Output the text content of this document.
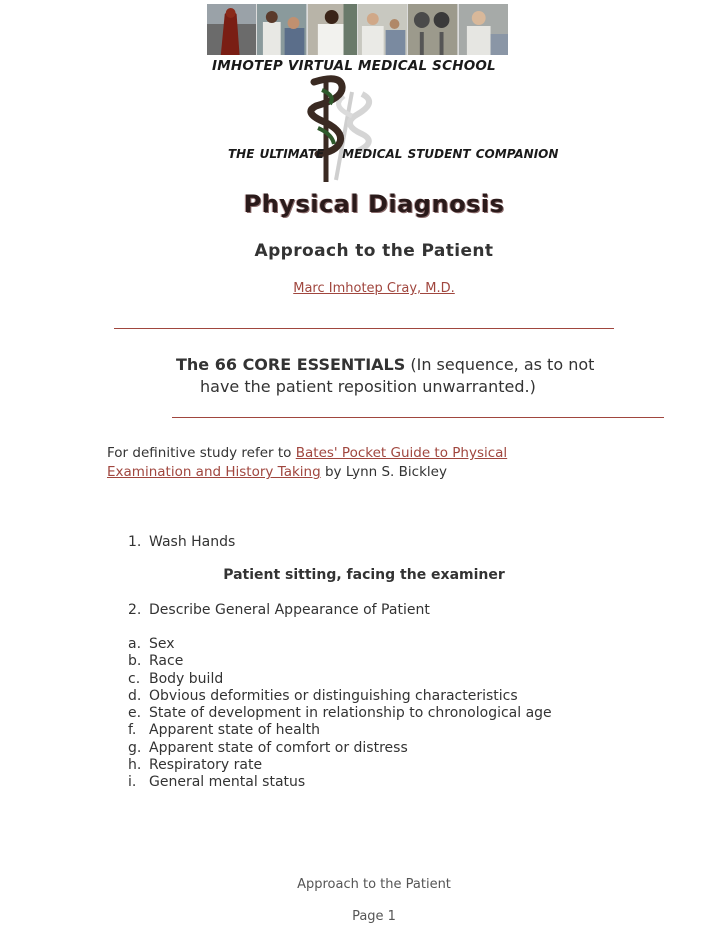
IMHOTEP VIRTUAL MEDICAL SCHOOL
THE ULTIMATE MEDICAL STUDENT COMPANION
Physical Diagnosis
Approach to the Patient
Marc Imhotep Cray, M.D.
The 66 CORE ESSENTIALS (In sequence, as to not
have the patient reposition unwarranted.)
For definitive study refer to Bates' Pocket Guide to Physical
Examination and History Taking by Lynn S. Bickley
1. Wash Hands
Patient sitting, facing the examiner
2. Describe General Appearance of Patient
a. Sex
b. Race
c. Body build
d. Obvious deformities or distinguishing characteristics
e. State of development in relationship to chronological age
f. Apparent state of health
g. Apparent state of comfort or distress
h. Respiratory rate
i. General mental status
Approach to the Patient
Page 1
